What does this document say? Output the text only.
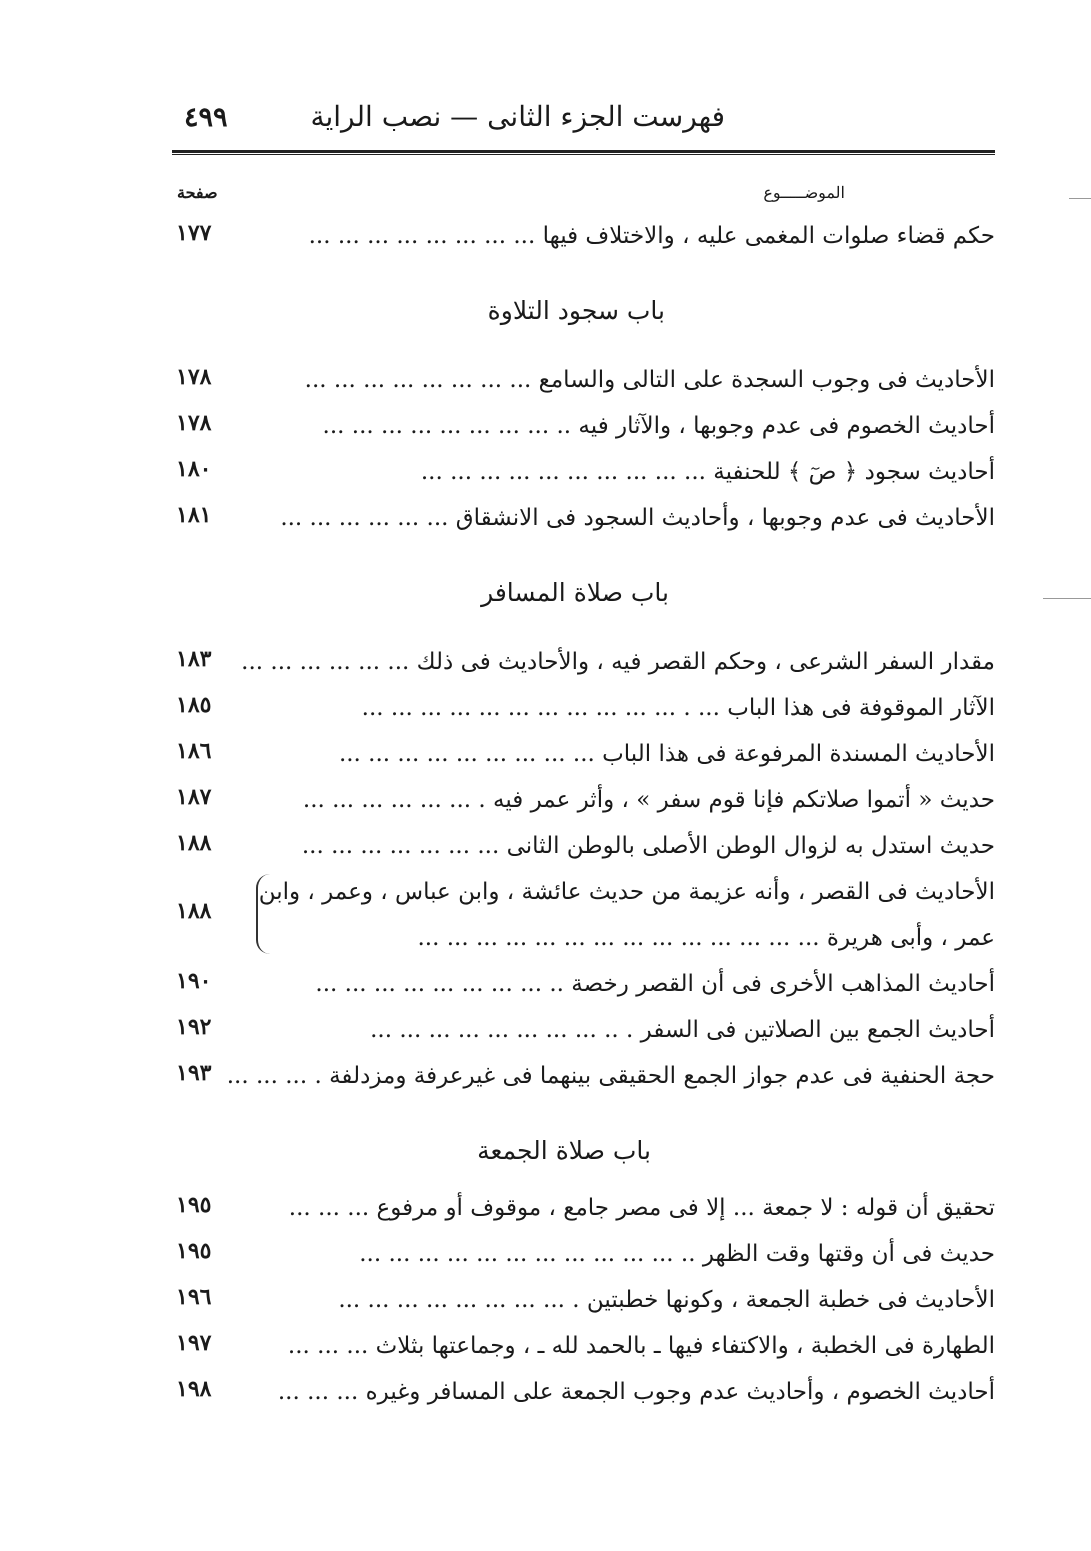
فهرست الجزء الثانى — نصب الراية
٤٩٩
الموضـــــوع
صفحة
حكم قضاء صلوات المغمى عليه ، والاختلاف فيها ... ... ... ... ... ... ... ...
١٧٧
باب سجود التلاوة
الأحاديث فى وجوب السجدة على التالى والسامع ... ... ... ... ... ... ... ...
١٧٨
أحاديث الخصوم فى عدم وجوبها ، والآثار فيه .. ... ... ... ... ... ... ... ...
١٧٨
أحاديث سجود ﴿ صٓ ﴾ للحنفية ... ... ... ... ... ... ... ... ... ...
١٨٠
الأحاديث فى عدم وجوبها ، وأحاديث السجود فى الانشقاق ... ... ... ... ... ...
١٨١
باب صلاة المسافر
مقدار السفر الشرعى ، وحكم القصر فيه ، والأحاديث فى ذلك ... ... ... ... ... ...
١٨٣
الآثار الموقوفة فى هذا الباب ... . ... ... ... ... ... ... ... ... ... ... ...
١٨٥
الأحاديث المسندة المرفوعة فى هذا الباب ... ... ... ... ... ... ... ... ...
١٨٦
حديث « أتموا صلاتكم فإنا قوم سفر » ، وأثر عمر فيه . ... ... ... ... ... ...
١٨٧
حديث استدل به لزوال الوطن الأصلى بالوطن الثانى ... ... ... ... ... ... ...
١٨٨
الأحاديث فى القصر ، وأنه عزيمة من حديث عائشة ، وابن عباس ، وعمر ، وابن
عمر ، وأبى هريرة ... ... ... ... ... ... ... ... ... ... ... ... ... ...
١٨٨
أحاديث المذاهب الأخرى فى أن القصر رخصة .. ... ... ... ... ... ... ... ...
١٩٠
أحاديث الجمع بين الصلاتين فى السفر . .. ... ... ... ... ... ... ... ...
١٩٢
حجة الحنفية فى عدم جواز الجمع الحقيقى بينهما فى غيرعرفة ومزدلفة . ... ... ...
١٩٣
باب صلاة الجمعة
تحقيق أن قوله : لا جمعة ... إلا فى مصر جامع ، موقوف أو مرفوع ... ... ...
١٩٥
حديث فى أن وقتها وقت الظهر .. ... ... ... ... ... ... ... ... ... ... ...
١٩٥
الأحاديث فى خطبة الجمعة ، وكونها خطبتين . ... ... ... ... ... ... ... ...
١٩٦
الطهارة فى الخطبة ، والاكتفاء فيها ـ بالحمد لله ـ ، وجماعتها بثلاث ... ... ...
١٩٧
أحاديث الخصوم ، وأحاديث عدم وجوب الجمعة على المسافر وغيره ... ... ...
١٩٨
